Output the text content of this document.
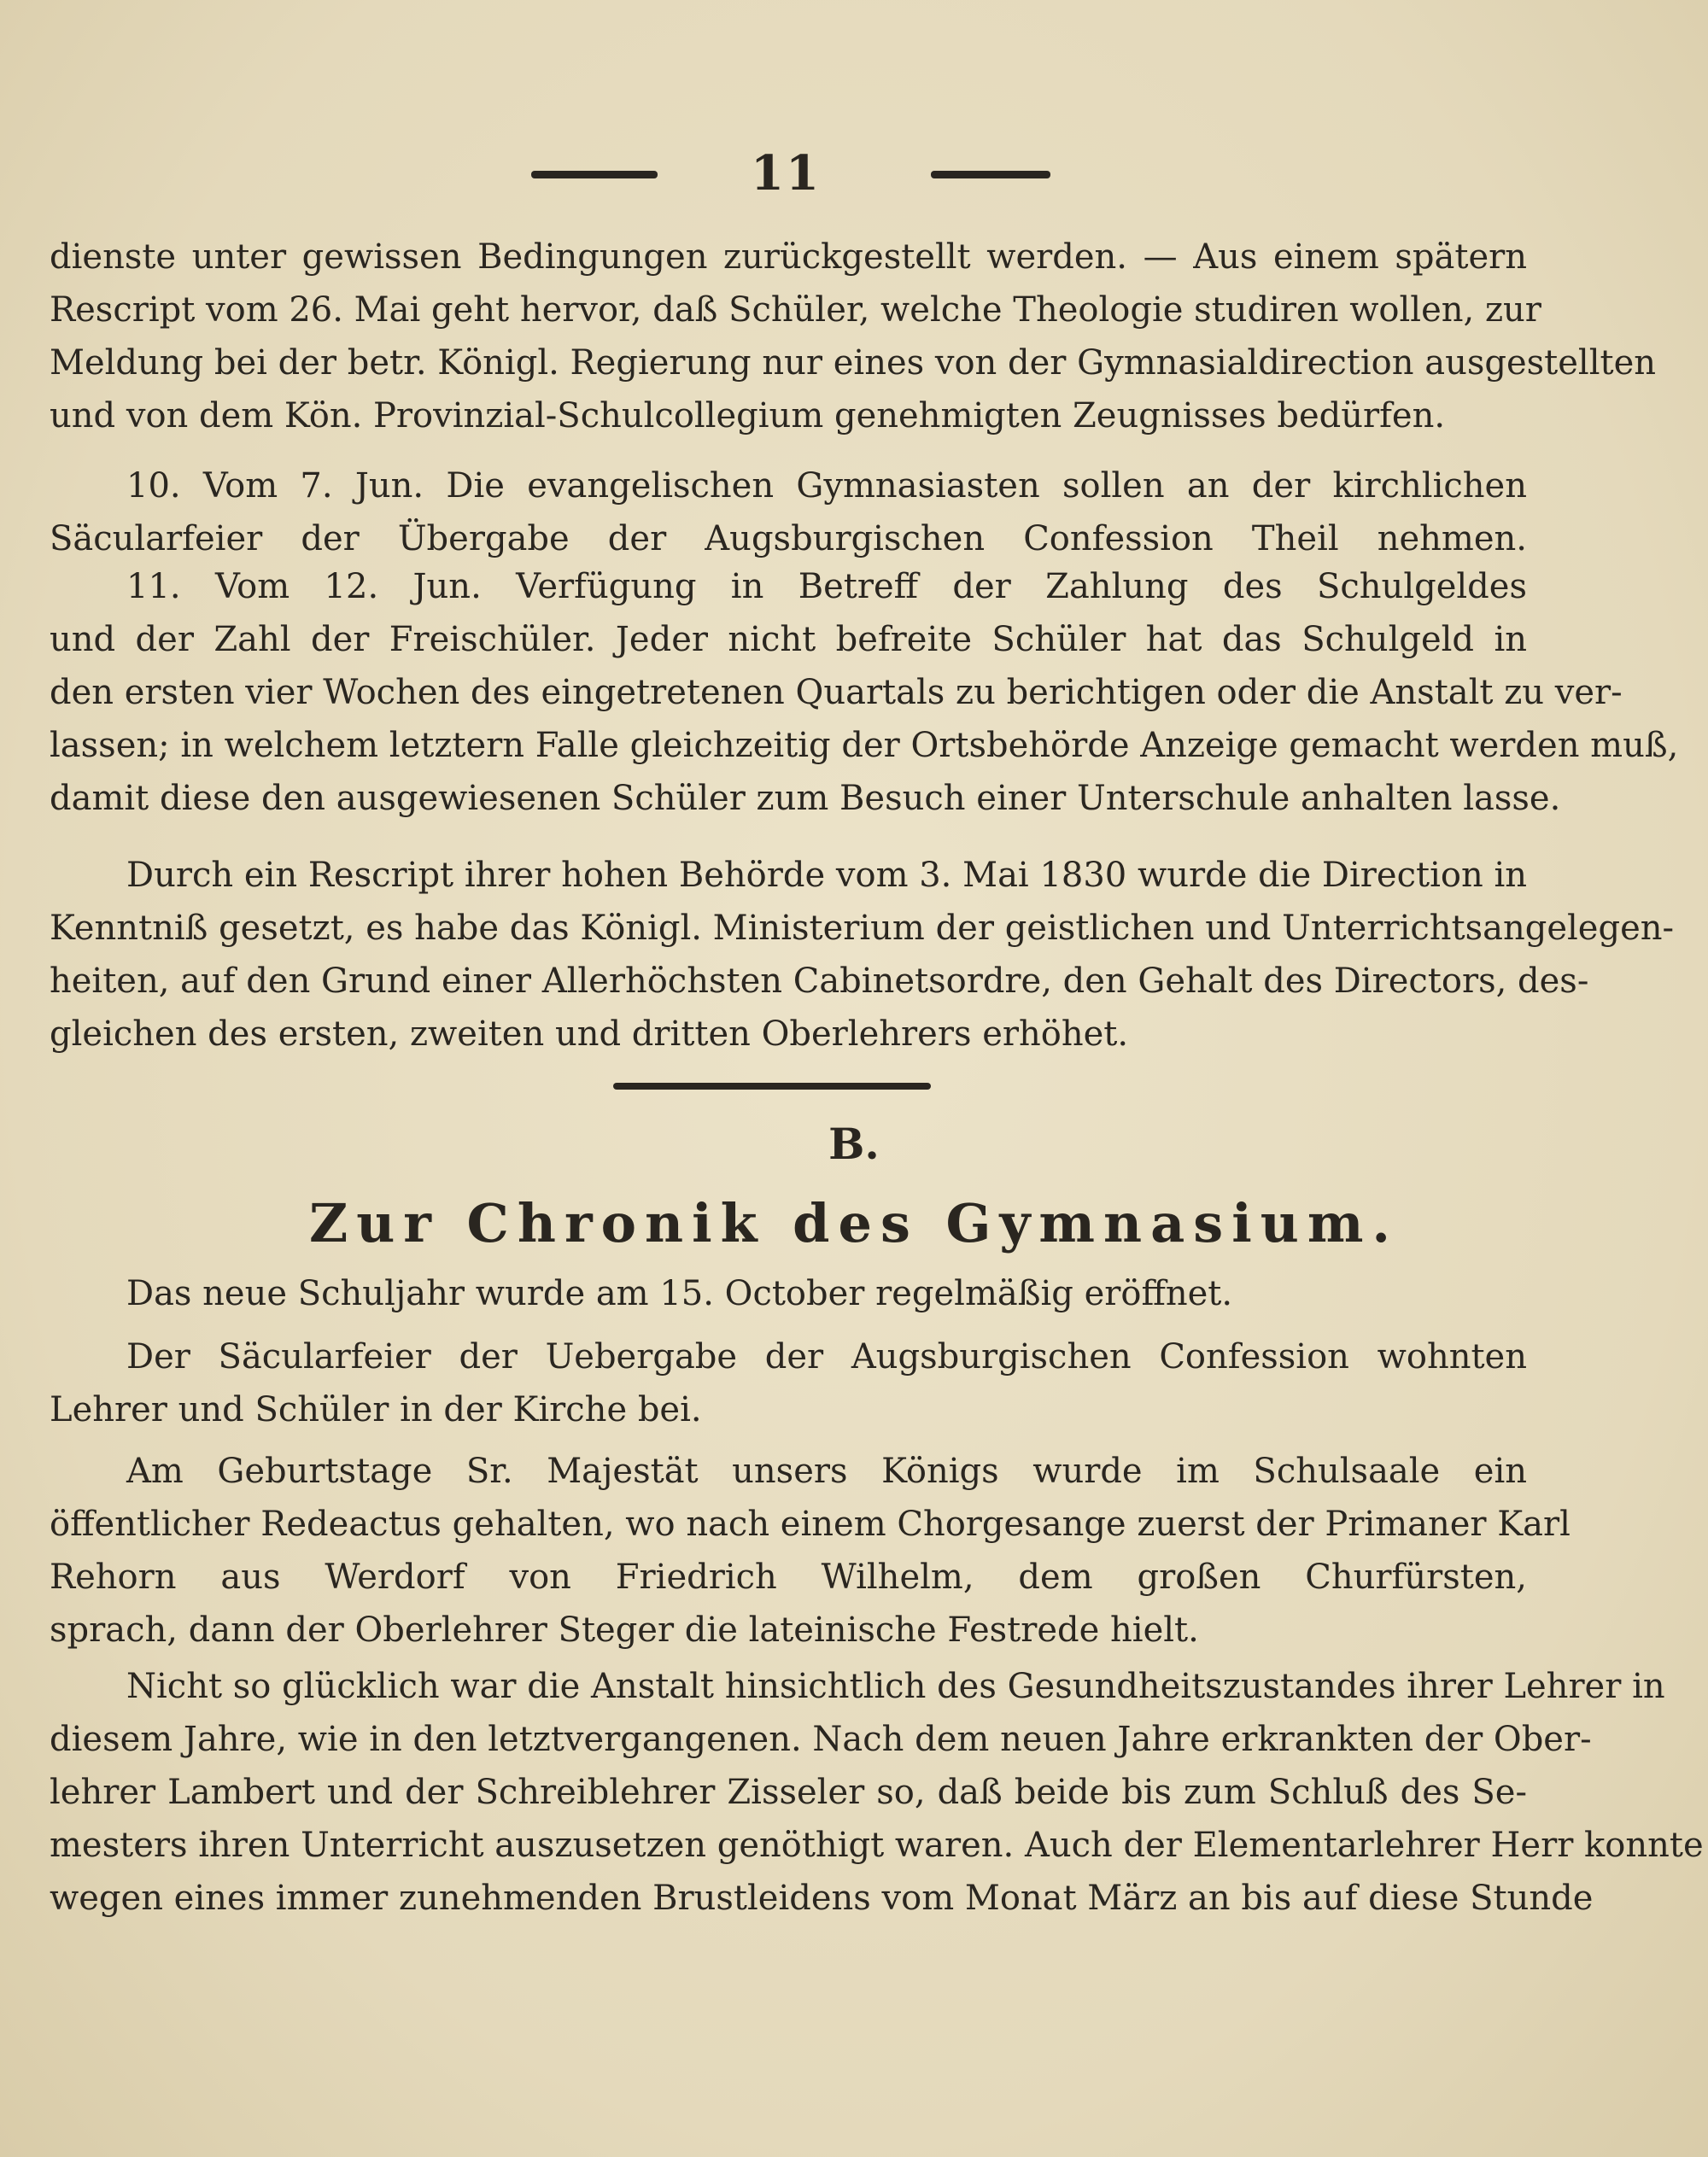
11
dienste unter gewissen Bedingungen zurückgestellt werden. — Aus einem spätern
Rescript vom 26. Mai geht hervor, daß Schüler, welche Theologie studiren wollen, zur
Meldung bei der betr. Königl. Regierung nur eines von der Gymnasialdirection ausgestellten
und von dem Kön. Provinzial-Schulcollegium genehmigten Zeugnisses bedürfen.
10. Vom 7. Jun. Die evangelischen Gymnasiasten sollen an der kirchlichen
Säcularfeier der Übergabe der Augsburgischen Confession Theil nehmen.
11. Vom 12. Jun. Verfügung in Betreff der Zahlung des Schulgeldes
und der Zahl der Freischüler. Jeder nicht befreite Schüler hat das Schulgeld in
den ersten vier Wochen des eingetretenen Quartals zu berichtigen oder die Anstalt zu ver-
lassen; in welchem letztern Falle gleichzeitig der Ortsbehörde Anzeige gemacht werden muß,
damit diese den ausgewiesenen Schüler zum Besuch einer Unterschule anhalten lasse.
Durch ein Rescript ihrer hohen Behörde vom 3. Mai 1830 wurde die Direction in
Kenntniß gesetzt, es habe das Königl. Ministerium der geistlichen und Unterrichtsangelegen-
heiten, auf den Grund einer Allerhöchsten Cabinetsordre, den Gehalt des Directors, des-
gleichen des ersten, zweiten und dritten Oberlehrers erhöhet.
B.
Zur Chronik des Gymnasium.
Das neue Schuljahr wurde am 15. October regelmäßig eröffnet.
Der Säcularfeier der Uebergabe der Augsburgischen Confession wohnten
Lehrer und Schüler in der Kirche bei.
Am Geburtstage Sr. Majestät unsers Königs wurde im Schulsaale ein
öffentlicher Redeactus gehalten, wo nach einem Chorgesange zuerst der Primaner Karl
Rehorn aus Werdorf von Friedrich Wilhelm, dem großen Churfürsten,
sprach, dann der Oberlehrer Steger die lateinische Festrede hielt.
Nicht so glücklich war die Anstalt hinsichtlich des Gesundheitszustandes ihrer Lehrer in
diesem Jahre, wie in den letztvergangenen. Nach dem neuen Jahre erkrankten der Ober-
lehrer Lambert und der Schreiblehrer Zisseler so, daß beide bis zum Schluß des Se-
mesters ihren Unterricht auszusetzen genöthigt waren. Auch der Elementarlehrer Herr konnte
wegen eines immer zunehmenden Brustleidens vom Monat März an bis auf diese Stunde
